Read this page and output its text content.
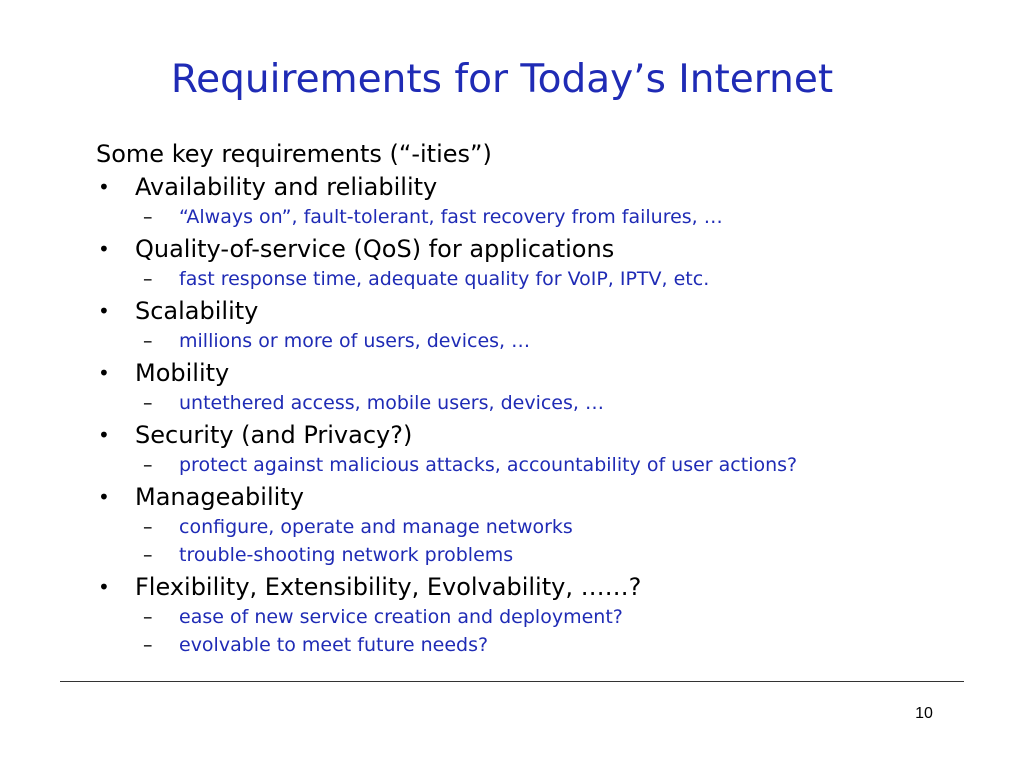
Requirements for Today’s Internet
Some key requirements (“-ities”)
• Availability and reliability
– “Always on”, fault-tolerant, fast recovery from failures, …
• Quality-of-service (QoS) for applications
– fast response time, adequate quality for VoIP, IPTV, etc.
• Scalability
– millions or more of users, devices, …
• Mobility
– untethered access, mobile users, devices, …
• Security (and Privacy?)
– protect against malicious attacks, accountability of user actions?
• Manageability
– configure, operate and manage networks
– trouble-shooting network problems
• Flexibility, Extensibility, Evolvability, ……?
– ease of new service creation and deployment?
– evolvable to meet future needs?
10
